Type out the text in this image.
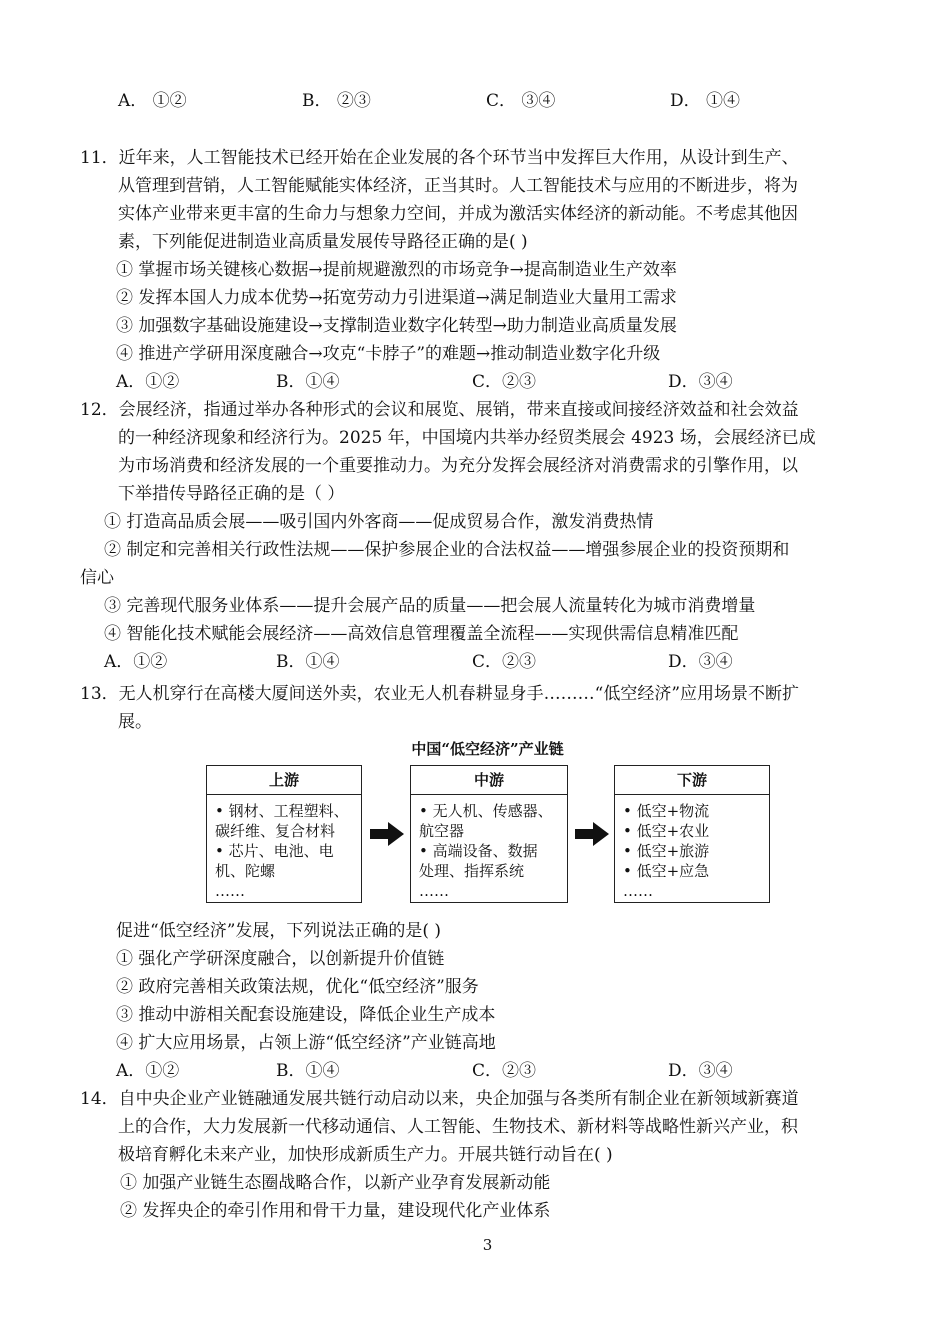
A． ①②	B． ②③	C． ③④	D． ①④
11．近年来，人工智能技术已经开始在企业发展的各个环节当中发挥巨大作用，从设计到生产、
从管理到营销，人工智能赋能实体经济，正当其时。人工智能技术与应用的不断进步，将为
实体产业带来更丰富的生命力与想象力空间，并成为激活实体经济的新动能。不考虑其他因
素，下列能促进制造业高质量发展传导路径正确的是( )
① 掌握市场关键核心数据→提前规避激烈的市场竞争→提高制造业生产效率
② 发挥本国人力成本优势→拓宽劳动力引进渠道→满足制造业大量用工需求
③ 加强数字基础设施建设→支撑制造业数字化转型→助力制造业高质量发展
④ 推进产学研用深度融合→攻克“卡脖子”的难题→推动制造业数字化升级
A．①②	B．①④	C．②③	D．③④
12．会展经济，指通过举办各种形式的会议和展览、展销，带来直接或间接经济效益和社会效益
的一种经济现象和经济行为。2025 年，中国境内共举办经贸类展会 4923 场，会展经济已成
为市场消费和经济发展的一个重要推动力。为充分发挥会展经济对消费需求的引擎作用，以
下举措传导路径正确的是（ ）
① 打造高品质会展——吸引国内外客商——促成贸易合作，激发消费热情
② 制定和完善相关行政性法规——保护参展企业的合法权益——增强参展企业的投资预期和
信心
③ 完善现代服务业体系——提升会展产品的质量——把会展人流量转化为城市消费增量
④ 智能化技术赋能会展经济——高效信息管理覆盖全流程——实现供需信息精准匹配
A．①②	B．①④	C．②③	D．③④
13．无人机穿行在高楼大厦间送外卖，农业无人机春耕显身手………“低空经济”应用场景不断扩
展。
中国“低空经济”产业链
上游
• 钢材、工程塑料、
碳纤维、复合材料
• 芯片、电池、电
机、陀螺
……
中游
• 无人机、传感器、
航空器
• 高端设备、数据
处理、指挥系统
……
下游
• 低空+物流
• 低空+农业
• 低空+旅游
• 低空+应急
……
促进“低空经济”发展，下列说法正确的是( )
① 强化产学研深度融合，以创新提升价值链
② 政府完善相关政策法规，优化“低空经济”服务
③ 推动中游相关配套设施建设，降低企业生产成本
④ 扩大应用场景，占领上游“低空经济”产业链高地
A．①②	B．①④	C．②③	D．③④
14．自中央企业产业链融通发展共链行动启动以来，央企加强与各类所有制企业在新领域新赛道
上的合作，大力发展新一代移动通信、人工智能、生物技术、新材料等战略性新兴产业，积
极培育孵化未来产业，加快形成新质生产力。开展共链行动旨在( )
① 加强产业链生态圈战略合作，以新产业孕育发展新动能
② 发挥央企的牵引作用和骨干力量，建设现代化产业体系
3
